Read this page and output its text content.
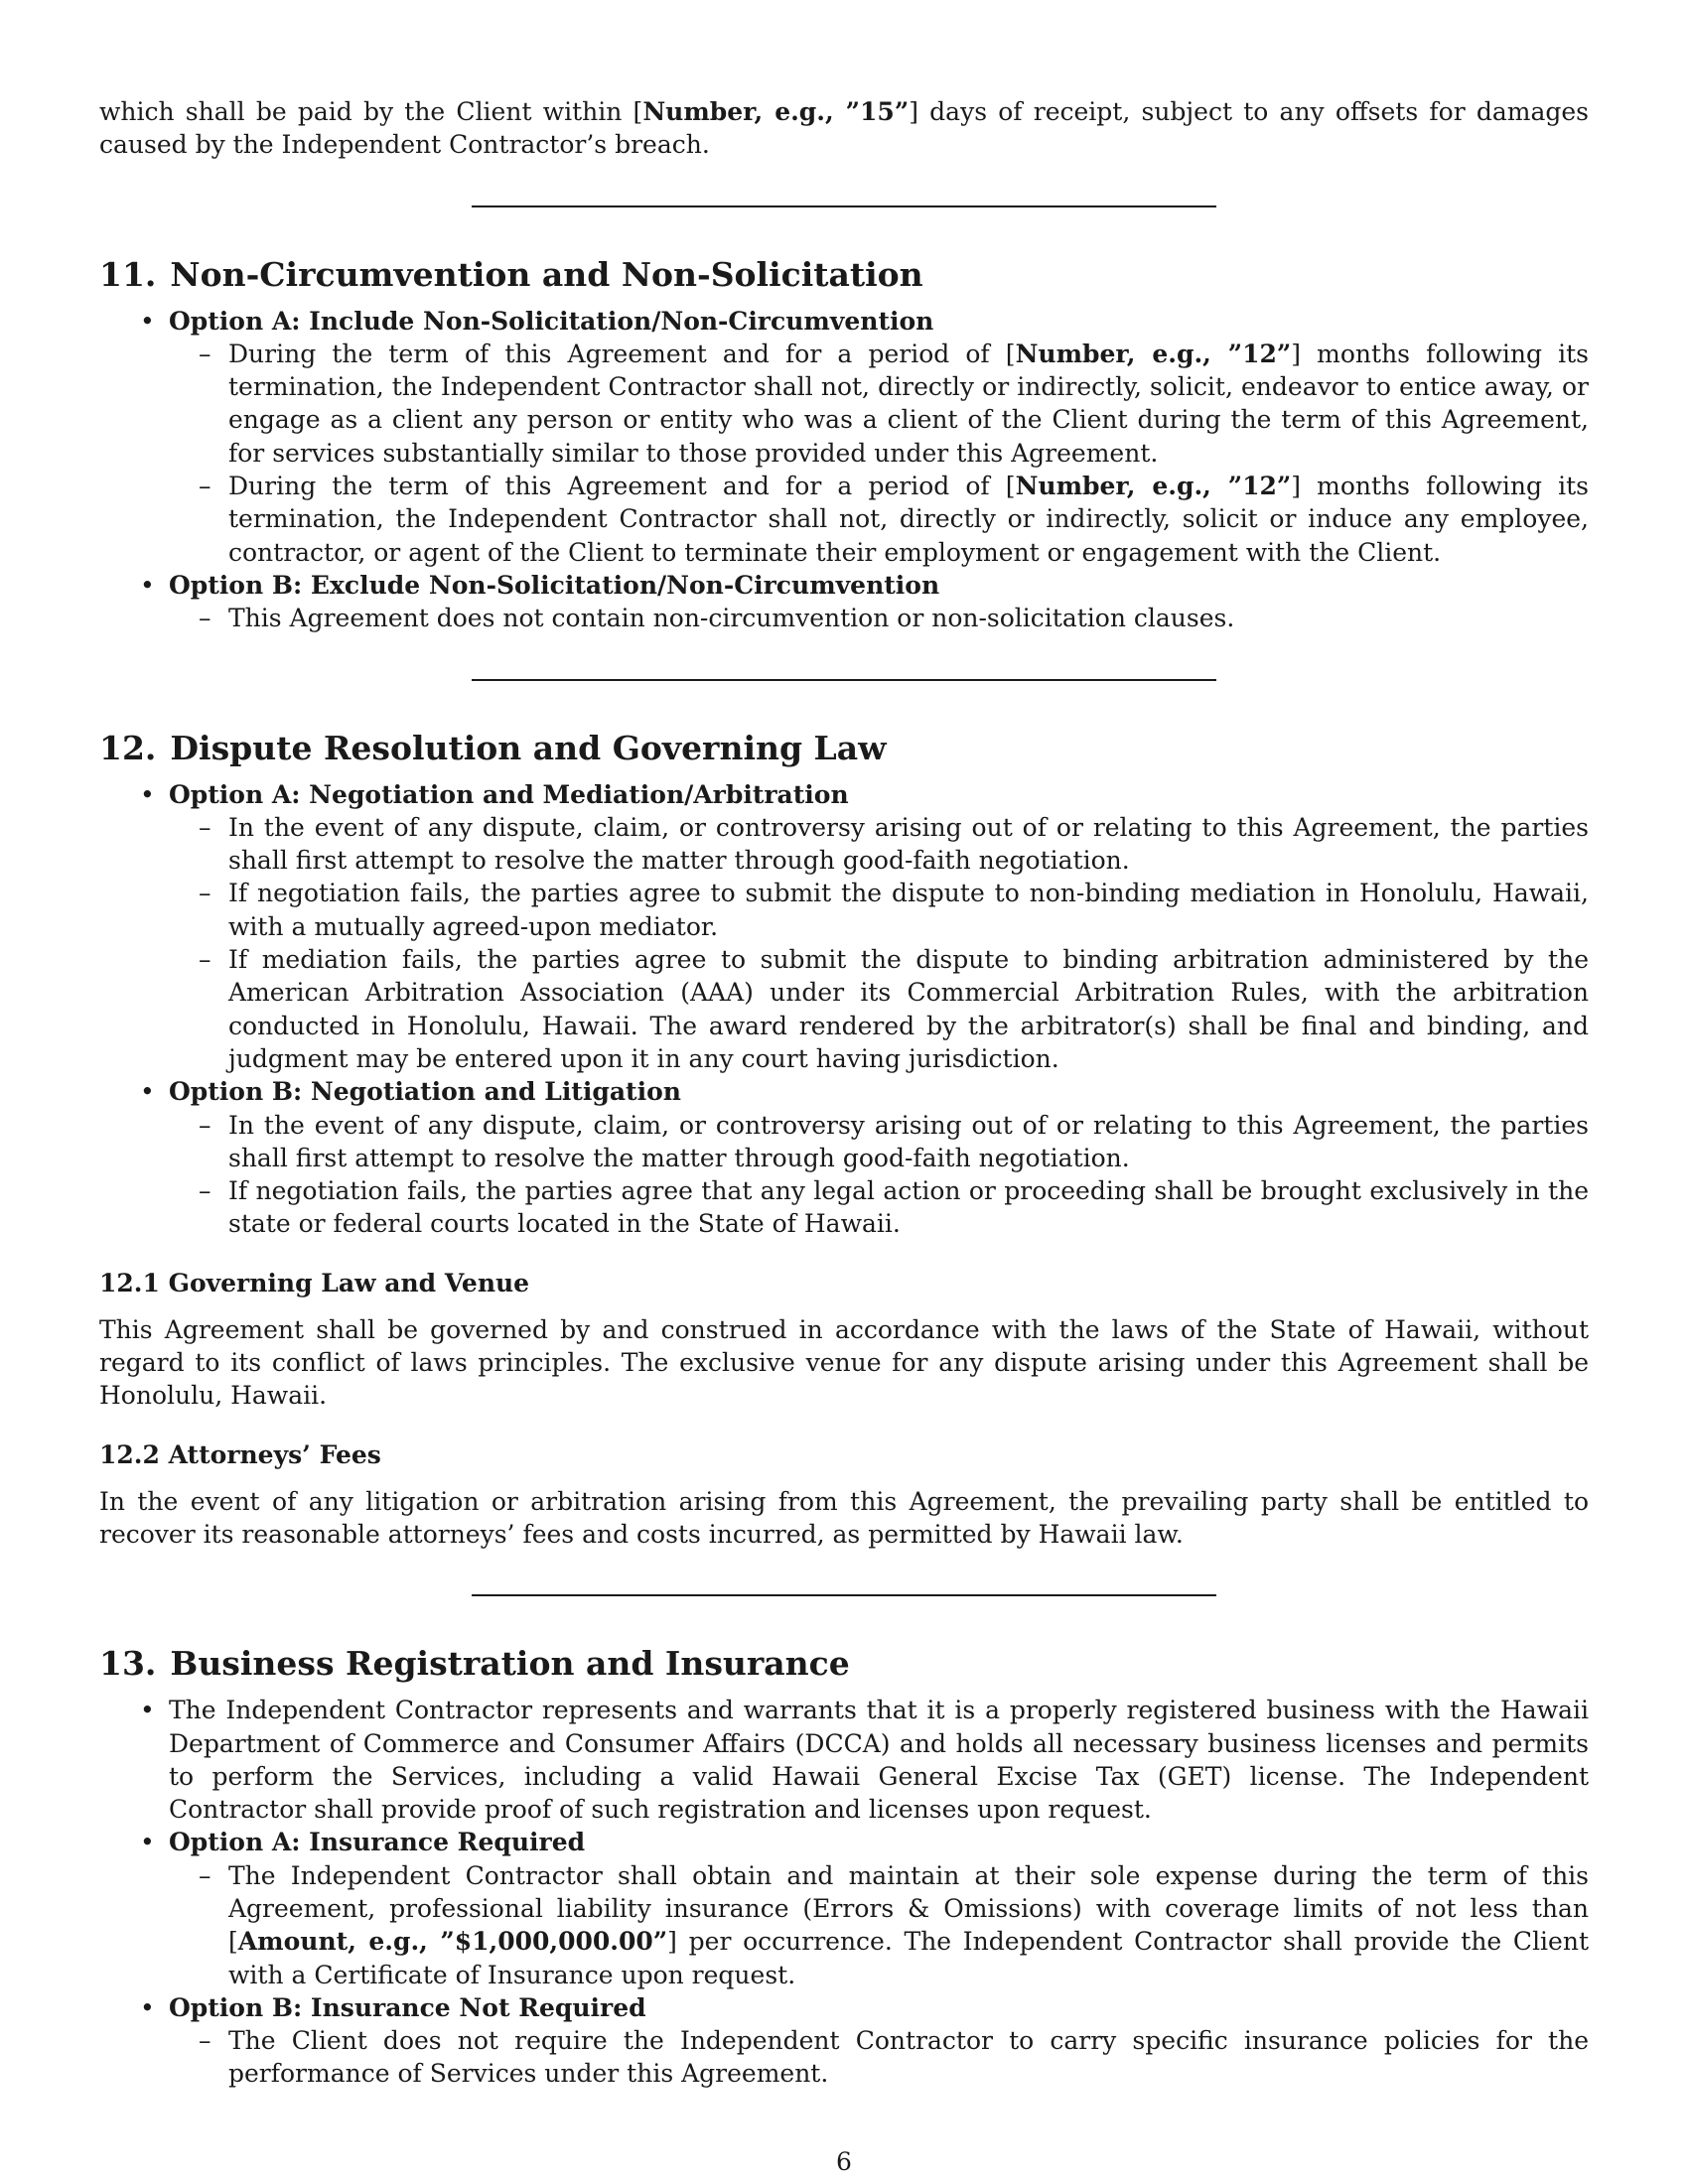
which shall be paid by the Client within [Number, e.g., ”15”] days of receipt, subject to any offsets for damages caused by the Independent Contractor’s breach.

11. Non-Circumvention and Non-Solicitation
• Option A: Include Non-Solicitation/Non-Circumvention
– During the term of this Agreement and for a period of [Number, e.g., ”12”] months following its termination, the Independent Contractor shall not, directly or indirectly, solicit, endeavor to entice away, or engage as a client any person or entity who was a client of the Client during the term of this Agreement, for services substantially similar to those provided under this Agreement.
– During the term of this Agreement and for a period of [Number, e.g., ”12”] months following its termination, the Independent Contractor shall not, directly or indirectly, solicit or induce any employee, contractor, or agent of the Client to terminate their employment or engagement with the Client.
• Option B: Exclude Non-Solicitation/Non-Circumvention
– This Agreement does not contain non-circumvention or non-solicitation clauses.
12. Dispute Resolution and Governing Law
• Option A: Negotiation and Mediation/Arbitration
– In the event of any dispute, claim, or controversy arising out of or relating to this Agreement, the parties shall first attempt to resolve the matter through good-faith negotiation.
– If negotiation fails, the parties agree to submit the dispute to non-binding mediation in Honolulu, Hawaii, with a mutually agreed-upon mediator.
– If mediation fails, the parties agree to submit the dispute to binding arbitration administered by the American Arbitration Association (AAA) under its Commercial Arbitration Rules, with the arbitration conducted in Honolulu, Hawaii. The award rendered by the arbitrator(s) shall be final and binding, and judgment may be entered upon it in any court having jurisdiction.
• Option B: Negotiation and Litigation
– In the event of any dispute, claim, or controversy arising out of or relating to this Agreement, the parties shall first attempt to resolve the matter through good-faith negotiation.
– If negotiation fails, the parties agree that any legal action or proceeding shall be brought exclusively in the state or federal courts located in the State of Hawaii.
12.1 Governing Law and Venue

This Agreement shall be governed by and construed in accordance with the laws of the State of Hawaii, without regard to its conflict of laws principles. The exclusive venue for any dispute arising under this Agreement shall be Honolulu, Hawaii.

12.2 Attorneys’ Fees

In the event of any litigation or arbitration arising from this Agreement, the prevailing party shall be entitled to recover its reasonable attorneys’ fees and costs incurred, as permitted by Hawaii law.

13. Business Registration and Insurance
• The Independent Contractor represents and warrants that it is a properly registered business with the Hawaii Department of Commerce and Consumer Affairs (DCCA) and holds all necessary business licenses and permits to perform the Services, including a valid Hawaii General Excise Tax (GET) license. The Independent Contractor shall provide proof of such registration and licenses upon request.
• Option A: Insurance Required
– The Independent Contractor shall obtain and maintain at their sole expense during the term of this Agreement, professional liability insurance (Errors & Omissions) with coverage limits of not less than [Amount, e.g., ”$1,000,000.00”] per occurrence. The Independent Contractor shall provide the Client with a Certificate of Insurance upon request.
• Option B: Insurance Not Required
– The Client does not require the Independent Contractor to carry specific insurance policies for the performance of Services under this Agreement.
6
